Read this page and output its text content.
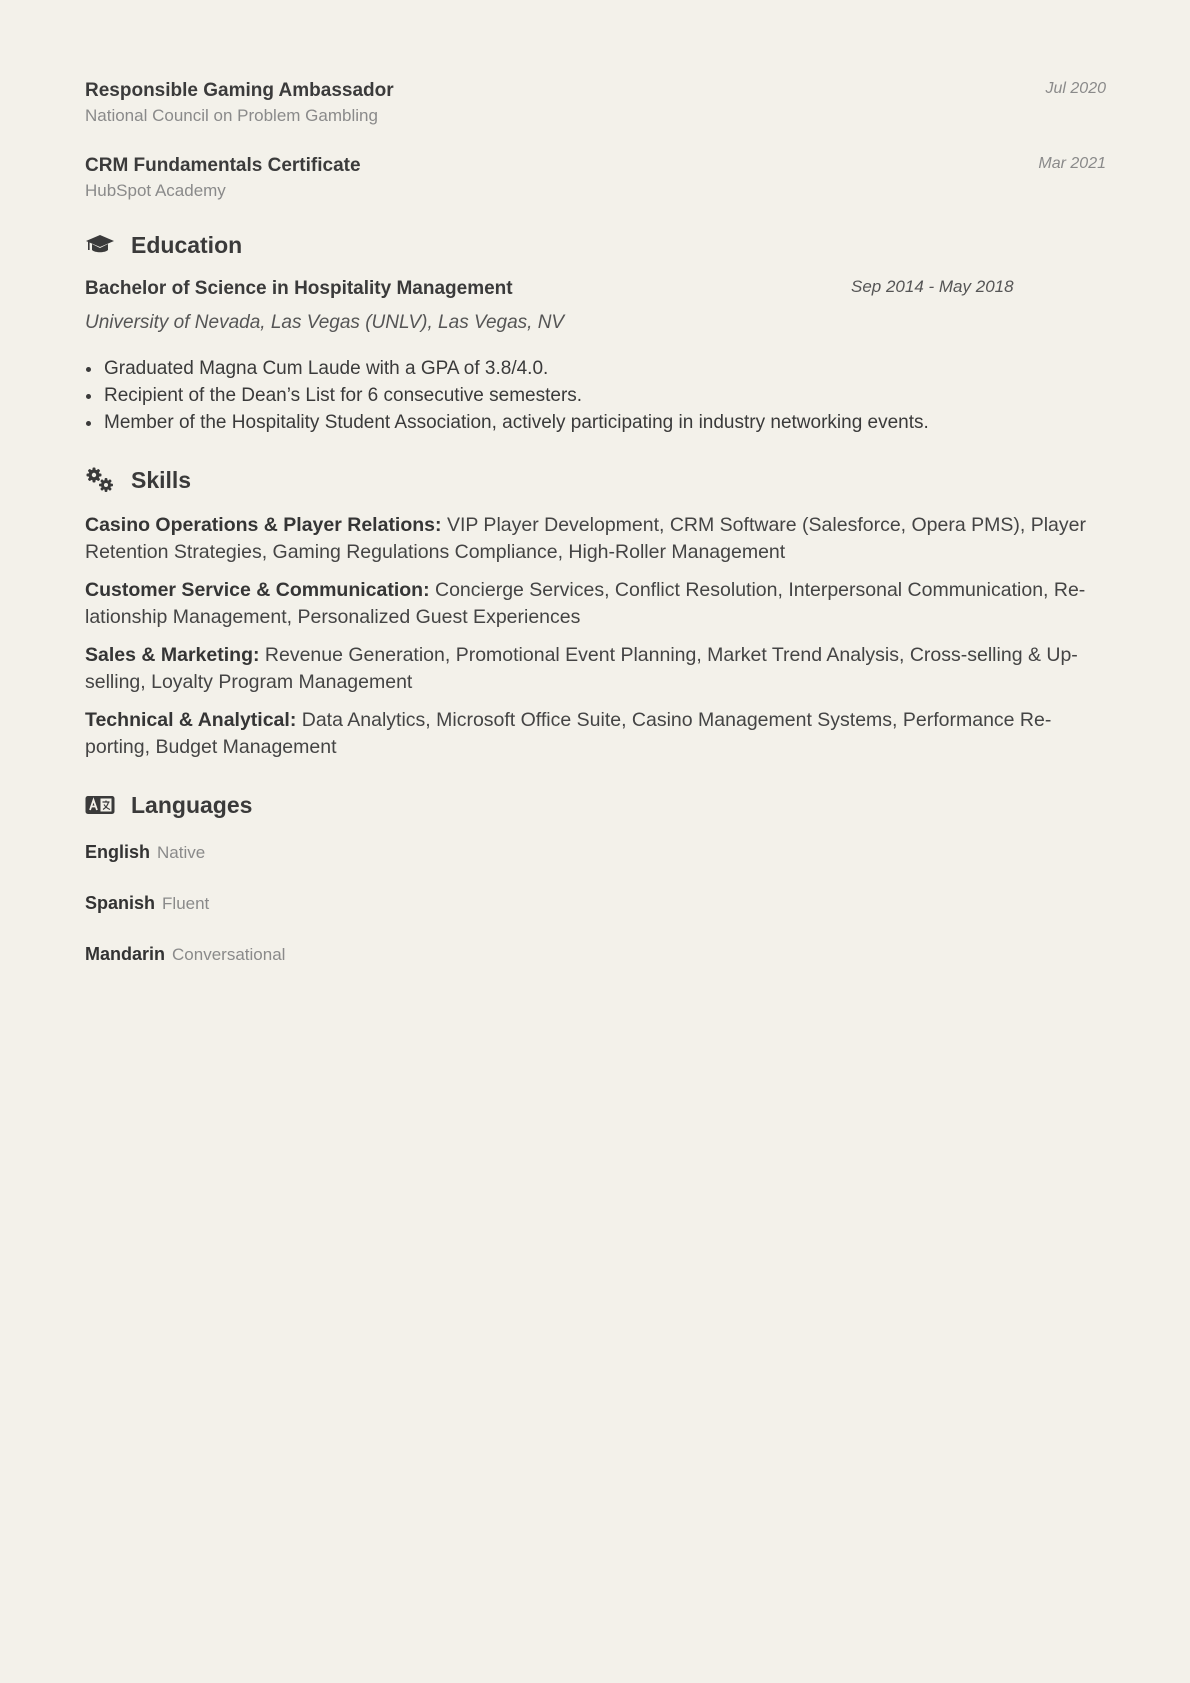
Responsible Gaming Ambassador
National Council on Problem Gambling
Jul 2020
CRM Fundamentals Certificate
HubSpot Academy
Mar 2021
Education
Bachelor of Science in Hospitality Management	Sep 2014 - May 2018
University of Nevada, Las Vegas (UNLV), Las Vegas, NV
• Graduated Magna Cum Laude with a GPA of 3.8/4.0.
• Recipient of the Dean’s List for 6 consecutive semesters.
• Member of the Hospitality Student Association, actively participating in industry networking events.
Skills

Casino Operations & Player Relations: VIP Player Development, CRM Software (Salesforce, Opera PMS), Player Retention Strategies, Gaming Regulations Compliance, High-Roller Management

Customer Service & Communication: Concierge Services, Conflict Resolution, Interpersonal Communication, Re-lationship Management, Personalized Guest Experiences

Sales & Marketing: Revenue Generation, Promotional Event Planning, Market Trend Analysis, Cross-selling & Up-selling, Loyalty Program Management

Technical & Analytical: Data Analytics, Microsoft Office Suite, Casino Management Systems, Performance Re-porting, Budget Management

Languages
English Native
Spanish Fluent
Mandarin Conversational
